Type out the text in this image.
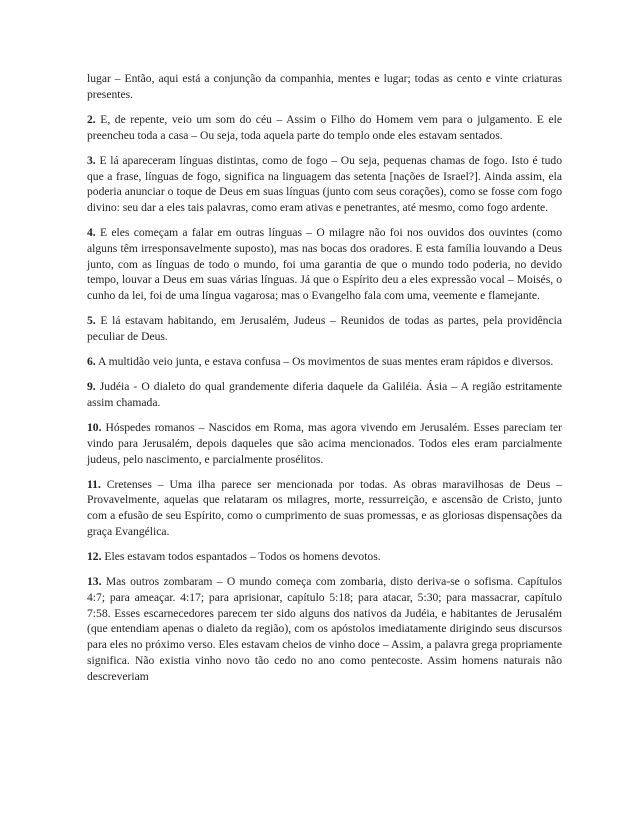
lugar – Então, aqui está a conjunção da companhia, mentes e lugar; todas as cento e vinte criaturas presentes.

2. E, de repente, veio um som do céu – Assim o Filho do Homem vem para o julgamento. E ele preencheu toda a casa – Ou seja, toda aquela parte do templo onde eles estavam sentados.

3. E lá apareceram línguas distintas, como de fogo – Ou seja, pequenas chamas de fogo. Isto é tudo que a frase, línguas de fogo, significa na linguagem das setenta [nações de Israel?]. Ainda assim, ela poderia anunciar o toque de Deus em suas línguas (junto com seus corações), como se fosse com fogo divino: seu dar a eles tais palavras, como eram ativas e penetrantes, até mesmo, como fogo ardente.

4. E eles começam a falar em outras línguas – O milagre não foi nos ouvidos dos ouvintes (como alguns têm irresponsavelmente suposto), mas nas bocas dos oradores. E esta família louvando a Deus junto, com as línguas de todo o mundo, foi uma garantia de que o mundo todo poderia, no devido tempo, louvar a Deus em suas várias línguas. Já que o Espírito deu a eles expressão vocal – Moisés, o cunho da lei, foi de uma língua vagarosa; mas o Evangelho fala com uma, veemente e flamejante.

5. E lá estavam habitando, em Jerusalém, Judeus – Reunidos de todas as partes, pela providência peculiar de Deus.

6. A multidão veio junta, e estava confusa – Os movimentos de suas mentes eram rápidos e diversos.

9. Judéia - O dialeto do qual grandemente diferia daquele da Galiléia. Ásia – A região estritamente assim chamada.

10. Hóspedes romanos – Nascidos em Roma, mas agora vivendo em Jerusalém. Esses pareciam ter vindo para Jerusalém, depois daqueles que são acima mencionados. Todos eles eram parcialmente judeus, pelo nascimento, e parcialmente prosélitos.

11. Cretenses – Uma ilha parece ser mencionada por todas. As obras maravilhosas de Deus – Provavelmente, aquelas que relataram os milagres, morte, ressurreição, e ascensão de Cristo, junto com a efusão de seu Espírito, como o cumprimento de suas promessas, e as gloriosas dispensações da graça Evangélica.

12. Eles estavam todos espantados – Todos os homens devotos.

13. Mas outros zombaram – O mundo começa com zombaria, disto deriva-se o sofisma. Capítulos 4:7; para ameaçar. 4:17; para aprisionar, capítulo 5:18; para atacar, 5:30; para massacrar, capítulo 7:58. Esses escarnecedores parecem ter sido alguns dos nativos da Judéia, e habitantes de Jerusalém (que entendiam apenas o dialeto da região), com os apóstolos imediatamente dirigindo seus discursos para eles no próximo verso. Eles estavam cheios de vinho doce – Assim, a palavra grega propriamente significa. Não existia vinho novo tão cedo no ano como pentecoste. Assim homens naturais não descreveriam
